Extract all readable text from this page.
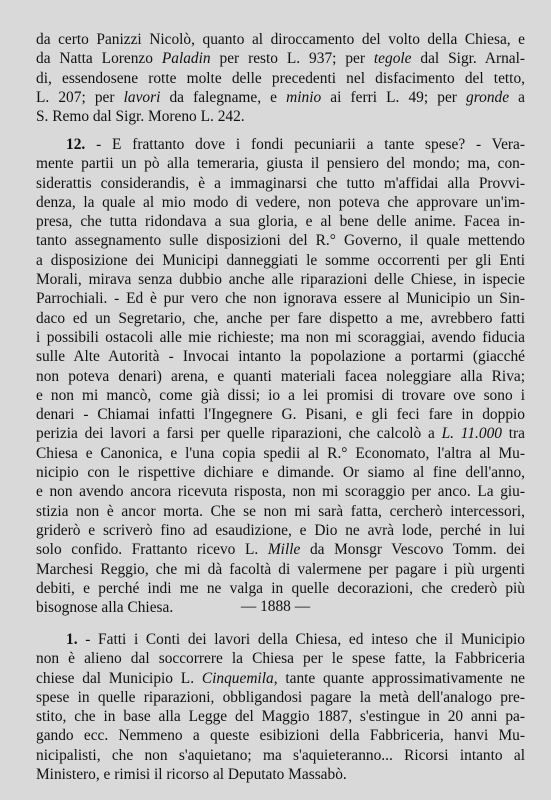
da certo Panizzi Nicolò, quanto al diroccamento del volto della Chiesa, e
da Natta Lorenzo Paladin per resto L. 937; per tegole dal Sigr. Arnal-
di, essendosene rotte molte delle precedenti nel disfacimento del tetto,
L. 207; per lavori da falegname, e minio ai ferri L. 49; per gronde a
S. Remo dal Sigr. Moreno L. 242.
12. - E frattanto dove i fondi pecuniarii a tante spese? - Vera-
mente partii un pò alla temeraria, giusta il pensiero del mondo; ma, con-
siderattis considerandis, è a immaginarsi che tutto m'affidai alla Provvi-
denza, la quale al mio modo di vedere, non poteva che approvare un'im-
presa, che tutta ridondava a sua gloria, e al bene delle anime. Facea in-
tanto assegnamento sulle disposizioni del R.° Governo, il quale mettendo
a disposizione dei Municipi danneggiati le somme occorrenti per gli Enti
Morali, mirava senza dubbio anche alle riparazioni delle Chiese, in ispecie
Parrochiali. - Ed è pur vero che non ignorava essere al Municipio un Sin-
daco ed un Segretario, che, anche per fare dispetto a me, avrebbero fatti
i possibili ostacoli alle mie richieste; ma non mi scoraggiai, avendo fiducia
sulle Alte Autorità - Invocai intanto la popolazione a portarmi (giacché
non poteva denari) arena, e quanti materiali facea noleggiare alla Riva;
e non mi mancò, come già dissi; io a lei promisi di trovare ove sono i
denari - Chiamai infatti l'Ingegnere G. Pisani, e gli feci fare in doppio
perizia dei lavori a farsi per quelle riparazioni, che calcolò a L. 11.000 tra
Chiesa e Canonica, e l'una copia spedii al R.° Economato, l'altra al Mu-
nicipio con le rispettive dichiare e dimande. Or siamo al fine dell'anno,
e non avendo ancora ricevuta risposta, non mi scoraggio per anco. La giu-
stizia non è ancor morta. Che se non mi sarà fatta, cercherò intercessori,
griderò e scriverò fino ad esaudizione, e Dio ne avrà lode, perché in lui
solo confido. Frattanto ricevo L. Mille da Monsgr Vescovo Tomm. dei
Marchesi Reggio, che mi dà facoltà di valermene per pagare i più urgenti
debiti, e perché indi me ne valga in quelle decorazioni, che crederò più
bisognose alla Chiesa.	— 1888 —
1. - Fatti i Conti dei lavori della Chiesa, ed inteso che il Municipio
non è alieno dal soccorrere la Chiesa per le spese fatte, la Fabbriceria
chiese dal Municipio L. Cinquemila, tante quante approssimativamente ne
spese in quelle riparazioni, obbligandosi pagare la metà dell'analogo pre-
stito, che in base alla Legge del Maggio 1887, s'estingue in 20 anni pa-
gando ecc. Nemmeno a queste esibizioni della Fabbriceria, hanvi Mu-
nicipalisti, che non s'aquietano; ma s'aquieteranno... Ricorsi intanto al
Ministero, e rimisi il ricorso al Deputato Massabò.
